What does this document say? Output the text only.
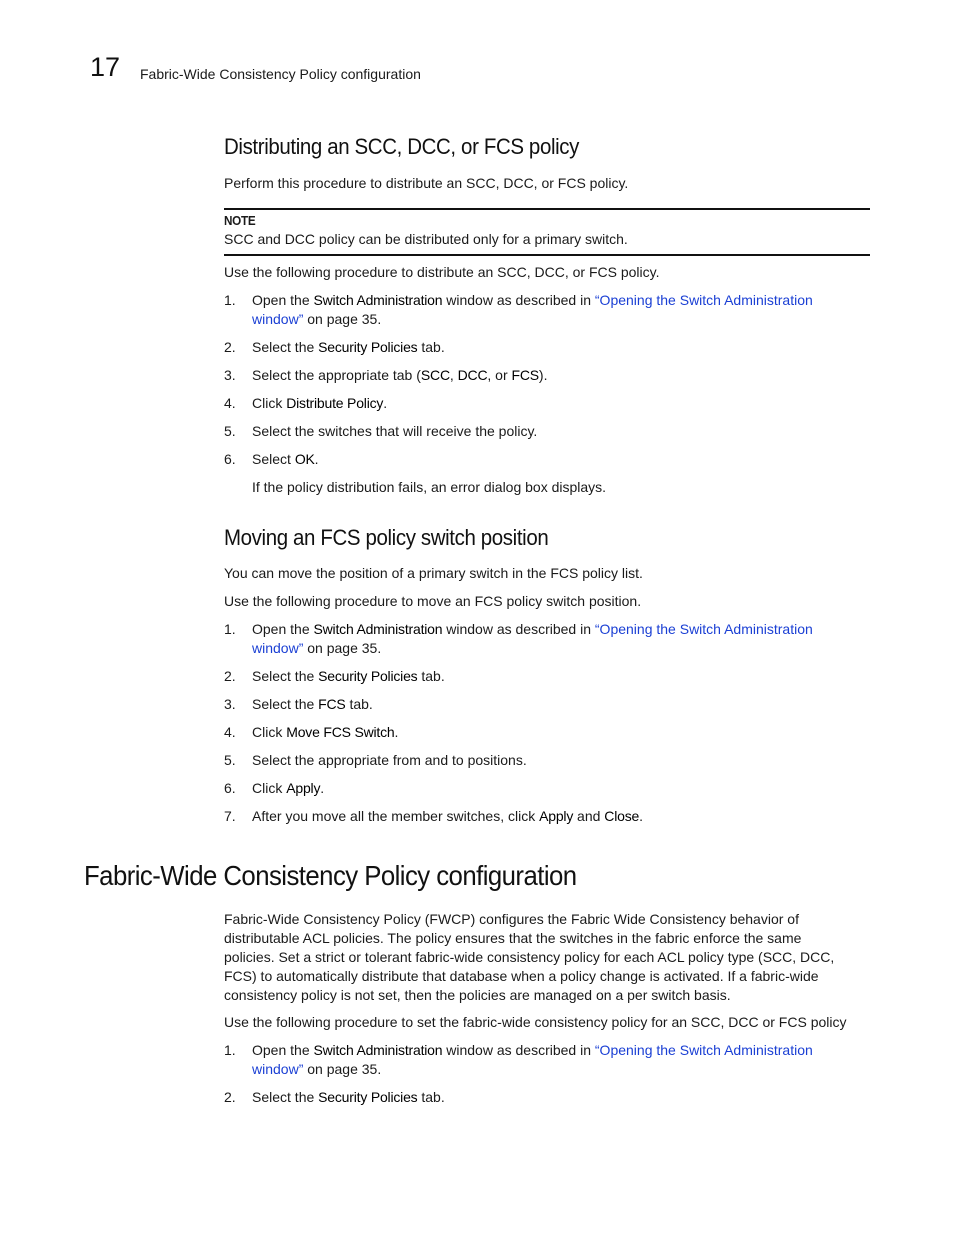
17 Fabric-Wide Consistency Policy configuration
Distributing an SCC, DCC, or FCS policy

Perform this procedure to distribute an SCC, DCC, or FCS policy.

NOTE
SCC and DCC policy can be distributed only for a primary switch.

Use the following procedure to distribute an SCC, DCC, or FCS policy.

1. Open the Switch Administration window as described in “Opening the Switch Administration
window” on page 35.
2. Select the Security Policies tab.
3. Select the appropriate tab (SCC, DCC, or FCS).
4. Click Distribute Policy.
5. Select the switches that will receive the policy.
6. Select OK.
If the policy distribution fails, an error dialog box displays.
Moving an FCS policy switch position

You can move the position of a primary switch in the FCS policy list.

Use the following procedure to move an FCS policy switch position.

1. Open the Switch Administration window as described in “Opening the Switch Administration
window” on page 35.
2. Select the Security Policies tab.
3. Select the FCS tab.
4. Click Move FCS Switch.
5. Select the appropriate from and to positions.
6. Click Apply.
7. After you move all the member switches, click Apply and Close.
Fabric-Wide Consistency Policy configuration

Fabric-Wide Consistency Policy (FWCP) configures the Fabric Wide Consistency behavior of
distributable ACL policies. The policy ensures that the switches in the fabric enforce the same
policies. Set a strict or tolerant fabric-wide consistency policy for each ACL policy type (SCC, DCC,
FCS) to automatically distribute that database when a policy change is activated. If a fabric-wide
consistency policy is not set, then the policies are managed on a per switch basis.

Use the following procedure to set the fabric-wide consistency policy for an SCC, DCC or FCS policy

1. Open the Switch Administration window as described in “Opening the Switch Administration
window” on page 35.
2. Select the Security Policies tab.
